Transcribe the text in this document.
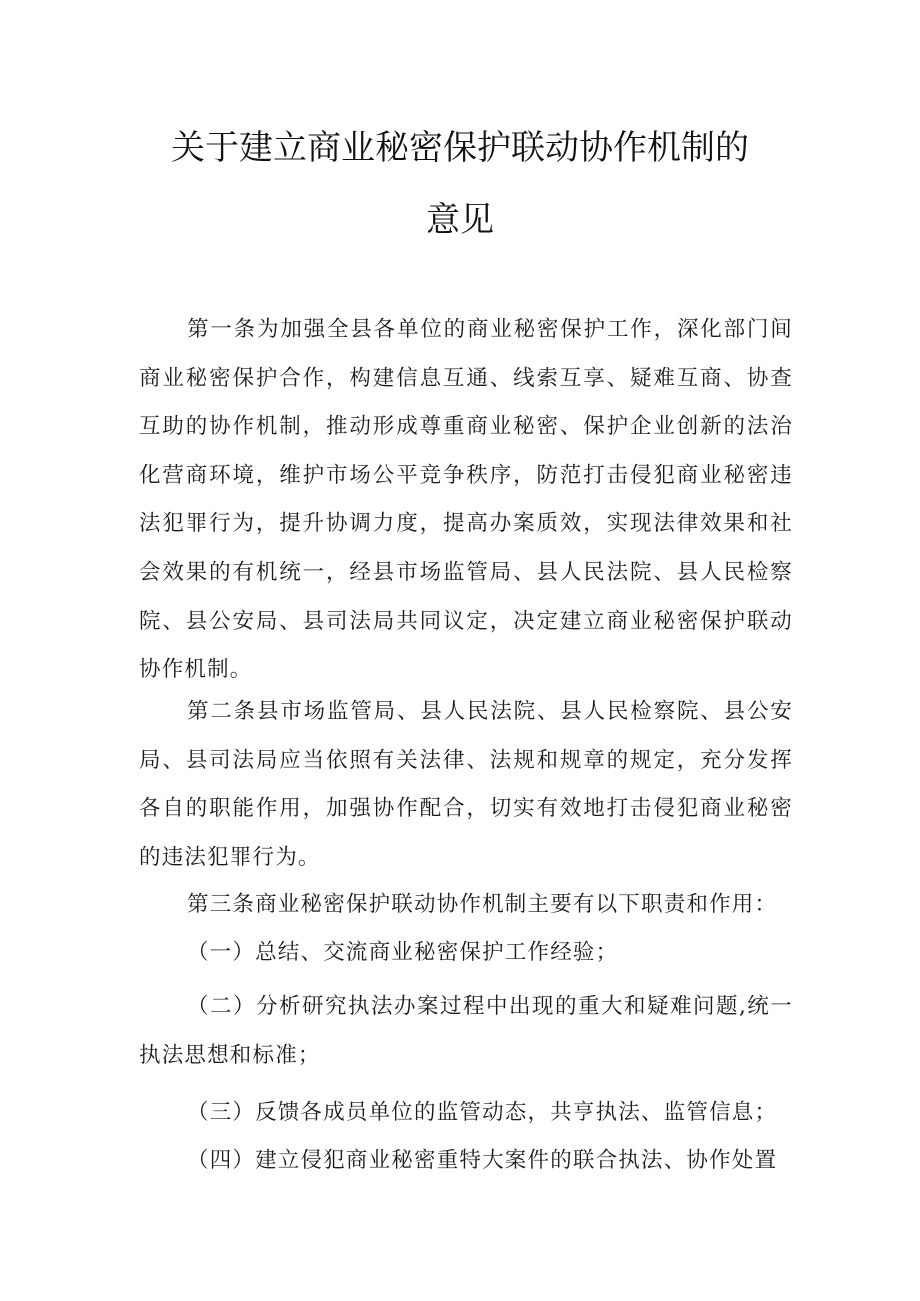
关于建立商业秘密保护联动协作机制的
意见

第一条为加强全县各单位的商业秘密保护工作，深化部门间商业秘密保护合作，构建信息互通、线索互享、疑难互商、协查互助的协作机制，推动形成尊重商业秘密、保护企业创新的法治化营商环境，维护市场公平竞争秩序，防范打击侵犯商业秘密违法犯罪行为，提升协调力度，提高办案质效，实现法律效果和社会效果的有机统一，经县市场监管局、县人民法院、县人民检察院、县公安局、县司法局共同议定，决定建立商业秘密保护联动协作机制。

第二条县市场监管局、县人民法院、县人民检察院、县公安局、县司法局应当依照有关法律、法规和规章的规定，充分发挥各自的职能作用，加强协作配合，切实有效地打击侵犯商业秘密的违法犯罪行为。

第三条商业秘密保护联动协作机制主要有以下职责和作用：

（一）总结、交流商业秘密保护工作经验；

（二）分析研究执法办案过程中出现的重大和疑难问题,统一执法思想和标准；

（三）反馈各成员单位的监管动态，共亨执法、监管信息；

（四）建立侵犯商业秘密重特大案件的联合执法、协作处置
